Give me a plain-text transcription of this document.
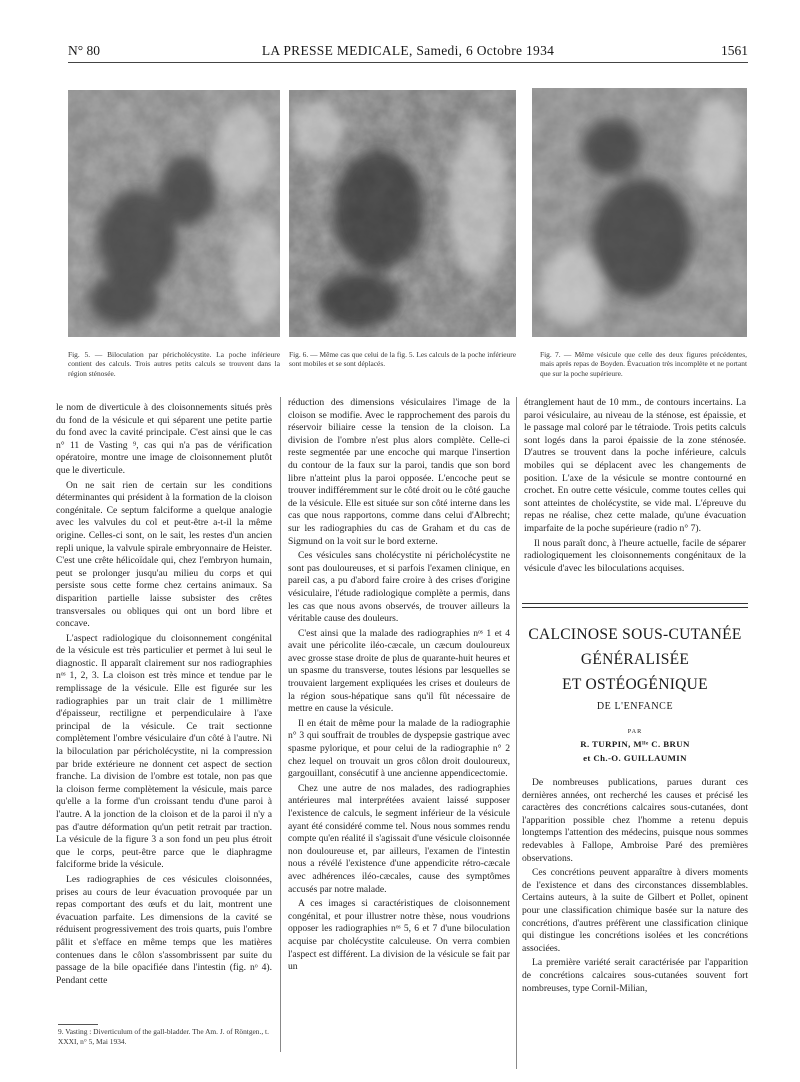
N° 80	LA PRESSE MEDICALE, Samedi, 6 Octobre 1934	1561
Fig. 5. — Biloculation par péricholécystite. La poche inférieure contient des calculs. Trois autres petits calculs se trouvent dans la région sténosée.
Fig. 6. — Même cas que celui de la fig. 5. Les calculs de la poche inférieure sont mobiles et se sont déplacés.
Fig. 7. — Même vésicule que celle des deux figures précédentes, mais après repas de Boyden. Évacuation très incomplète et ne portant que sur la poche supérieure.

le nom de diverticule à des cloisonnements situés près du fond de la vésicule et qui séparent une petite partie du fond avec la cavité principale. C'est ainsi que le cas n° 11 de Vasting ⁹, cas qui n'a pas de vérification opératoire, montre une image de cloisonnement plutôt que le diverticule.

On ne sait rien de certain sur les conditions déterminantes qui président à la formation de la cloison congénitale. Ce septum falciforme a quelque analogie avec les valvules du col et peut-être a-t-il la même origine. Celles-ci sont, on le sait, les restes d'un ancien repli unique, la valvule spirale embryonnaire de Heister. C'est une crête hélicoïdale qui, chez l'embryon humain, peut se prolonger jusqu'au milieu du corps et qui persiste sous cette forme chez certains animaux. Sa disparition partielle laisse subsister des crêtes transversales ou obliques qui ont un bord libre et concave.

L'aspect radiologique du cloisonnement congénital de la vésicule est très particulier et permet à lui seul le diagnostic. Il apparaît clairement sur nos radiographies nᵒˢ 1, 2, 3. La cloison est très mince et tendue par le remplissage de la vésicule. Elle est figurée sur les radiographies par un trait clair de 1 millimètre d'épaisseur, rectiligne et perpendiculaire à l'axe principal de la vésicule. Ce trait sectionne complètement l'ombre vésiculaire d'un côté à l'autre. Ni la biloculation par péricholécystite, ni la compression par bride extérieure ne donnent cet aspect de section franche. La division de l'ombre est totale, non pas que la cloison ferme complètement la vésicule, mais parce qu'elle a la forme d'un croissant tendu d'une paroi à l'autre. A la jonction de la cloison et de la paroi il n'y a pas d'autre déformation qu'un petit retrait par traction. La vésicule de la figure 3 a son fond un peu plus étroit que le corps, peut-être parce que le diaphragme falciforme bride la vésicule.

Les radiographies de ces vésicules cloisonnées, prises au cours de leur évacuation provoquée par un repas comportant des œufs et du lait, montrent une évacuation parfaite. Les dimensions de la cavité se réduisent progressivement des trois quarts, puis l'ombre pâlit et s'efface en même temps que les matières contenues dans le côlon s'assombrissent par suite du passage de la bile opacifiée dans l'intestin (fig. nᵒ 4). Pendant cette

9. Vasting : Diverticulum of the gall-bladder. The Am. J. of Röntgen., t. XXXI, n° 5, Mai 1934.

réduction des dimensions vésiculaires l'image de la cloison se modifie. Avec le rapprochement des parois du réservoir biliaire cesse la tension de la cloison. La division de l'ombre n'est plus alors complète. Celle-ci reste segmentée par une encoche qui marque l'insertion du contour de la faux sur la paroi, tandis que son bord libre n'atteint plus la paroi opposée. L'encoche peut se trouver indifféremment sur le côté droit ou le côté gauche de la vésicule. Elle est située sur son côté interne dans les cas que nous rapportons, comme dans celui d'Albrecht; sur les radiographies du cas de Graham et du cas de Sigmund on la voit sur le bord externe.

Ces vésicules sans cholécystite ni péricholécystite ne sont pas douloureuses, et si parfois l'examen clinique, en pareil cas, a pu d'abord faire croire à des crises d'origine vésiculaire, l'étude radiologique complète a permis, dans les cas que nous avons observés, de trouver ailleurs la véritable cause des douleurs.

C'est ainsi que la malade des radiographies nᵒˢ 1 et 4 avait une péricolite iléo-cæcale, un cæcum douloureux avec grosse stase droite de plus de quarante-huit heures et un spasme du transverse, toutes lésions par lesquelles se trouvaient largement expliquées les crises et douleurs de la région sous-hépatique sans qu'il fût nécessaire de mettre en cause la vésicule.

Il en était de même pour la malade de la radiographie n° 3 qui souffrait de troubles de dyspepsie gastrique avec spasme pylorique, et pour celui de la radiographie n° 2 chez lequel on trouvait un gros côlon droit douloureux, gargouillant, consécutif à une ancienne appendicectomie.

Chez une autre de nos malades, des radiographies antérieures mal interprétées avaient laissé supposer l'existence de calculs, le segment inférieur de la vésicule ayant été considéré comme tel. Nous nous sommes rendu compte qu'en réalité il s'agissait d'une vésicule cloisonnée non douloureuse et, par ailleurs, l'examen de l'intestin nous a révélé l'existence d'une appendicite rétro-cæcale avec adhérences iléo-cæcales, cause des symptômes accusés par notre malade.

A ces images si caractéristiques de cloisonnement congénital, et pour illustrer notre thèse, nous voudrions opposer les radiographies nᵒˢ 5, 6 et 7 d'une biloculation acquise par cholécystite calculeuse. On verra combien l'aspect est différent. La division de la vésicule se fait par un

étranglement haut de 10 mm., de contours incertains. La paroi vésiculaire, au niveau de la sténose, est épaissie, et le passage mal coloré par le tétraiode. Trois petits calculs sont logés dans la paroi épaissie de la zone sténosée. D'autres se trouvent dans la poche inférieure, calculs mobiles qui se déplacent avec les changements de position. L'axe de la vésicule se montre contourné en crochet. En outre cette vésicule, comme toutes celles qui sont atteintes de cholécystite, se vide mal. L'épreuve du repas ne réalise, chez cette malade, qu'une évacuation imparfaite de la poche supérieure (radio n° 7).

Il nous paraît donc, à l'heure actuelle, facile de séparer radiologiquement les cloisonnements congénitaux de la vésicule d'avec les biloculations acquises.

CALCINOSE SOUS-CUTANÉE
GÉNÉRALISÉE
ET OSTÉOGÉNIQUE
DE L'ENFANCE
PAR
R. TURPIN, Mˡˡᵉ C. BRUN
et Ch.-O. GUILLAUMIN

De nombreuses publications, parues durant ces dernières années, ont recherché les causes et précisé les caractères des concrétions calcaires sous-cutanées, dont l'apparition possible chez l'homme a retenu depuis longtemps l'attention des médecins, puisque nous sommes redevables à Fallope, Ambroise Paré des premières observations.

Ces concrétions peuvent apparaître à divers moments de l'existence et dans des circonstances dissemblables. Certains auteurs, à la suite de Gilbert et Pollet, opinent pour une classification chimique basée sur la nature des concrétions, d'autres préfèrent une classification clinique qui distingue les concrétions isolées et les concrétions associées.

La première variété serait caractérisée par l'apparition de concrétions calcaires sous-cutanées souvent fort nombreuses, type Cornil-Milian,
